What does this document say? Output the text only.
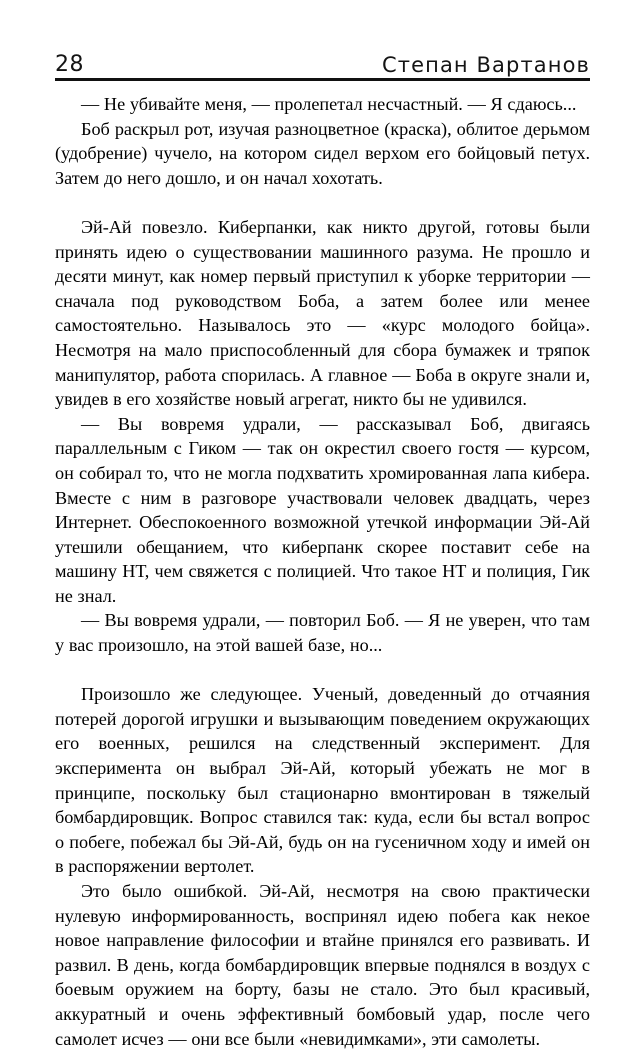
28	Степан Вартанов

— Не убивайте меня, — пролепетал несчастный. — Я сдаюсь...

Боб раскрыл рот, изучая разноцветное (краска), облитое дерьмом (удобрение) чучело, на котором сидел верхом его бойцовый петух. Затем до него дошло, и он начал хохотать.

Эй-Ай повезло. Киберпанки, как никто другой, готовы были принять идею о существовании машинного разума. Не прошло и десяти минут, как номер первый приступил к уборке территории — сначала под руководством Боба, а затем более или менее самостоятельно. Называлось это — «курс молодого бойца». Несмотря на мало приспособленный для сбора бумажек и тряпок манипулятор, работа спорилась. А главное — Боба в округе знали и, увидев в его хозяйстве новый агрегат, никто бы не удивился.

— Вы вовремя удрали, — рассказывал Боб, двигаясь параллельным с Гиком — так он окрестил своего гостя — курсом, он собирал то, что не могла подхватить хромированная лапа кибера. Вместе с ним в разговоре участвовали человек двадцать, через Интернет. Обеспокоенного возможной утечкой информации Эй-Ай утешили обещанием, что киберпанк скорее поставит себе на машину НТ, чем свяжется с полицией. Что такое НТ и полиция, Гик не знал.

— Вы вовремя удрали, — повторил Боб. — Я не уверен, что там у вас произошло, на этой вашей базе, но...

Произошло же следующее. Ученый, доведенный до отчаяния потерей дорогой игрушки и вызывающим поведением окружающих его военных, решился на следственный эксперимент. Для эксперимента он выбрал Эй-Ай, который убежать не мог в принципе, поскольку был стационарно вмонтирован в тяжелый бомбардировщик. Вопрос ставился так: куда, если бы встал вопрос о побеге, побежал бы Эй-Ай, будь он на гусеничном ходу и имей он в распоряжении вертолет.

Это было ошибкой. Эй-Ай, несмотря на свою практически нулевую информированность, воспринял идею побега как некое новое направление философии и втайне принялся его развивать. И развил. В день, когда бомбардировщик впервые поднялся в воздух с боевым оружием на борту, базы не стало. Это был красивый, аккуратный и очень эффективный бомбовый удар, после чего самолет исчез — они все были «невидимками», эти самолеты.
